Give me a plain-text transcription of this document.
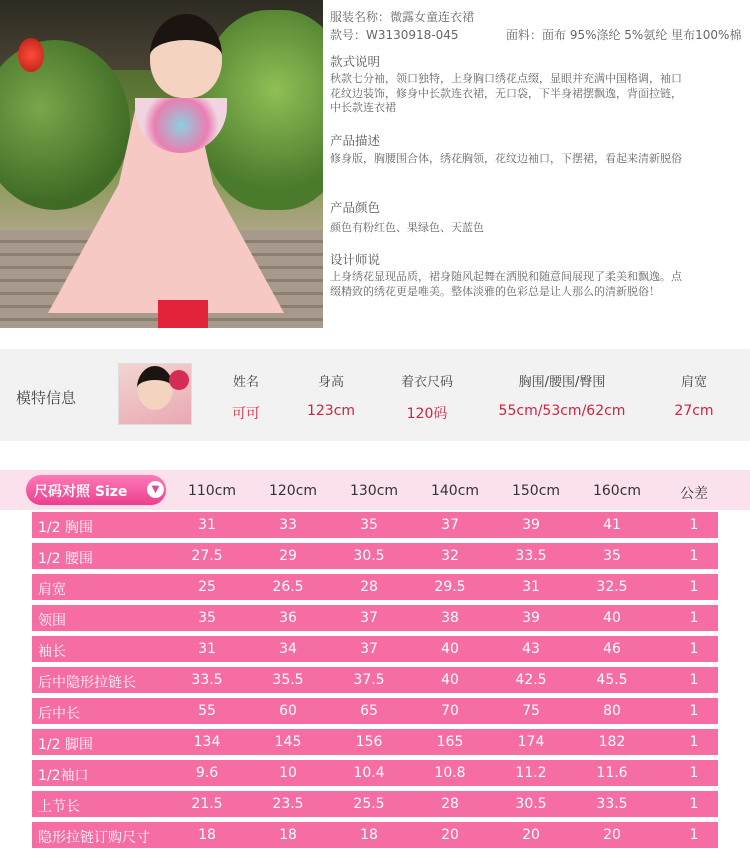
服装名称：微露女童连衣裙
款号：W3130918-045	面料：面布 95%涤纶 5%氨纶 里布100%棉
款式说明
秋款七分袖，领口独特，上身胸口绣花点缀，显眼并充满中国格调，袖口花纹边装饰，修身中长款连衣裙，无口袋，下半身裙摆飘逸，背面拉链，中长款连衣裙
产品描述
修身版，胸腰围合体，绣花胸领，花纹边袖口，下摆裙，看起来清新脱俗
产品颜色
颜色有粉红色、果绿色、天蓝色
设计师说
上身绣花显现品质，裙身随风起舞在洒脱和随意间展现了柔美和飘逸。点缀精致的绣花更是唯美。整体淡雅的色彩总是让人那么的清新脱俗！
模特信息
姓名	身高	着衣尺码	胸围/腰围/臀围	肩宽
可可	123cm	120码	55cm/53cm/62cm	27cm
尺码对照 Size	▼	110cm 120cm 130cm 140cm 150cm 160cm	公差
1/2 胸围	31	33	35	37	39	41	1
1/2 腰围	27.5	29	30.5	32	33.5	35	1
肩宽	25	26.5	28	29.5	31	32.5	1
领围	35	36	37	38	39	40	1
袖长	31	34	37	40	43	46	1
后中隐形拉链长	33.5	35.5	37.5	40	42.5	45.5	1
后中长	55	60	65	70	75	80	1
1/2 脚围	134	145	156	165	174	182	1
1/2袖口	9.6	10	10.4	10.8	11.2	11.6	1
上节长	21.5	23.5	25.5	28	30.5	33.5	1
隐形拉链订购尺寸	18	18	18	20	20	20	1
